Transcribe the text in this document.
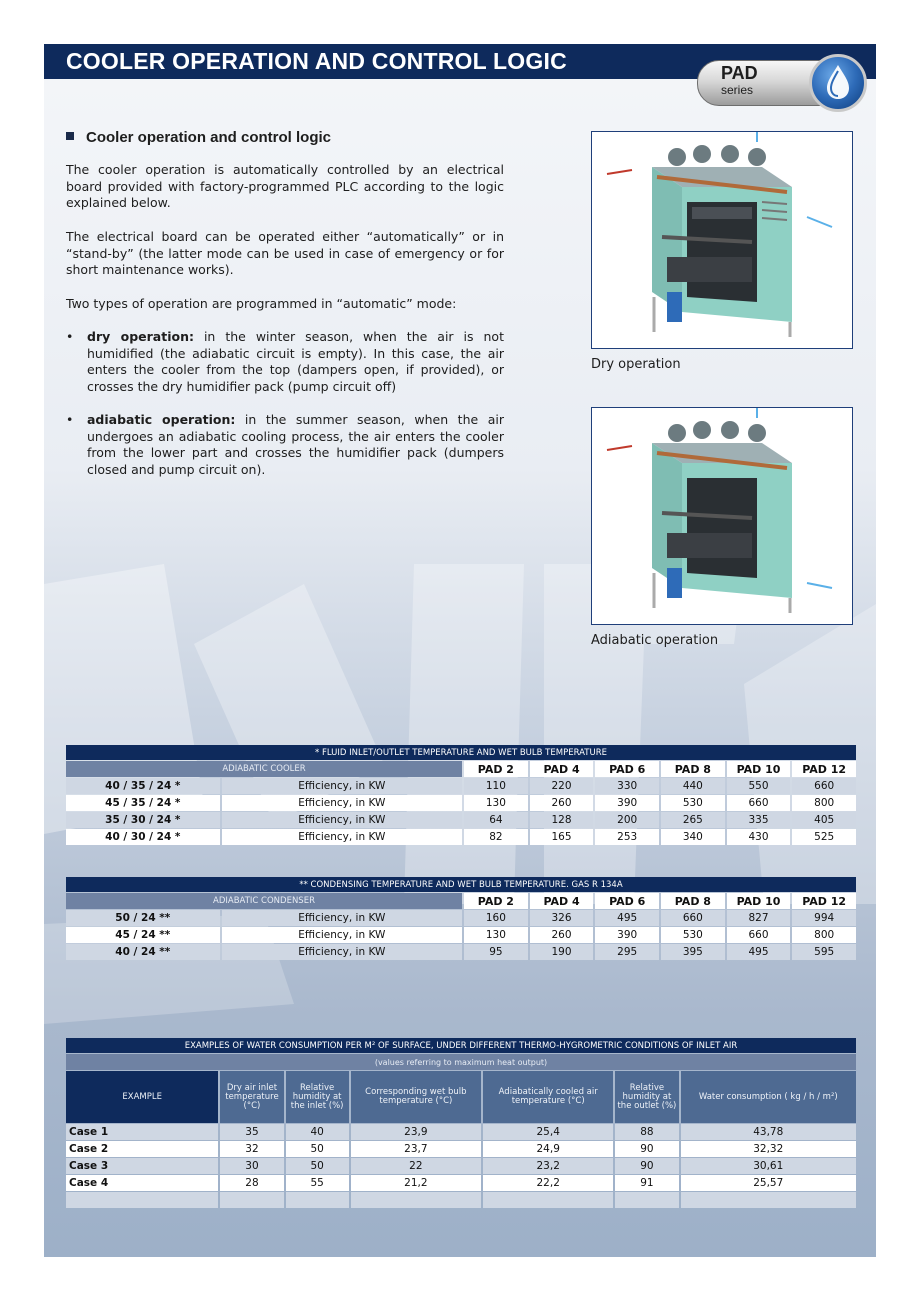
COOLER OPERATION AND CONTROL LOGIC	PAD
series
Cooler operation and control logic

The cooler operation is automatically controlled by an electrical board provided with factory-programmed PLC according to the logic explained below.

The electrical board can be operated either “automatically” or in “stand-by” (the latter mode can be used in case of emergency or for short maintenance works).

Two types of operation are programmed in “automatic” mode:

• dry operation: in the winter season, when the air is not humidified (the adiabatic circuit is empty). In this case, the air enters the cooler from the top (dampers open, if provided), or crosses the dry humidifier pack (pump circuit off)
• adiabatic operation: in the summer season, when the air undergoes an adiabatic cooling process, the air enters the cooler from the lower part and crosses the humidifier pack (dumpers closed and pump circuit on).
Dry operation
Adiabatic operation
* FLUID INLET/OUTLET TEMPERATURE AND WET BULB TEMPERATURE							
ADIABATIC COOLER		PAD 2	PAD 4	PAD 6	PAD 8	PAD 10	PAD 12
40 / 35 / 24 *	Efficiency, in KW	110	220	330	440	550	660
45 / 35 / 24 *	Efficiency, in KW	130	260	390	530	660	800
35 / 30 / 24 *	Efficiency, in KW	64	128	200	265	335	405
40 / 30 / 24 *	Efficiency, in KW	82	165	253	340	430	525
** CONDENSING TEMPERATURE AND WET BULB TEMPERATURE. GAS R 134A							
ADIABATIC CONDENSER		PAD 2	PAD 4	PAD 6	PAD 8	PAD 10	PAD 12
50 / 24 **	Efficiency, in KW	160	326	495	660	827	994
45 / 24 **	Efficiency, in KW	130	260	390	530	660	800
40 / 24 **	Efficiency, in KW	95	190	295	395	495	595
EXAMPLES OF WATER CONSUMPTION PER M² OF SURFACE, UNDER DIFFERENT THERMO-HYGROMETRIC CONDITIONS OF INLET AIR						
(values referring to maximum heat output)						
EXAMPLE	Dry air inlet temperature (°C)	Relative humidity at the inlet (%)	Corresponding wet bulb temperature (°C)	Adiabatically cooled air temperature (°C)	Relative humidity at the outlet (%)	Water consumption ( kg / h / m²)
Case 1	35	40	23,9	25,4	88	43,78
Case 2	32	50	23,7	24,9	90	32,32
Case 3	30	50	22	23,2	90	30,61
Case 4	28	55	21,2	22,2	91	25,57
